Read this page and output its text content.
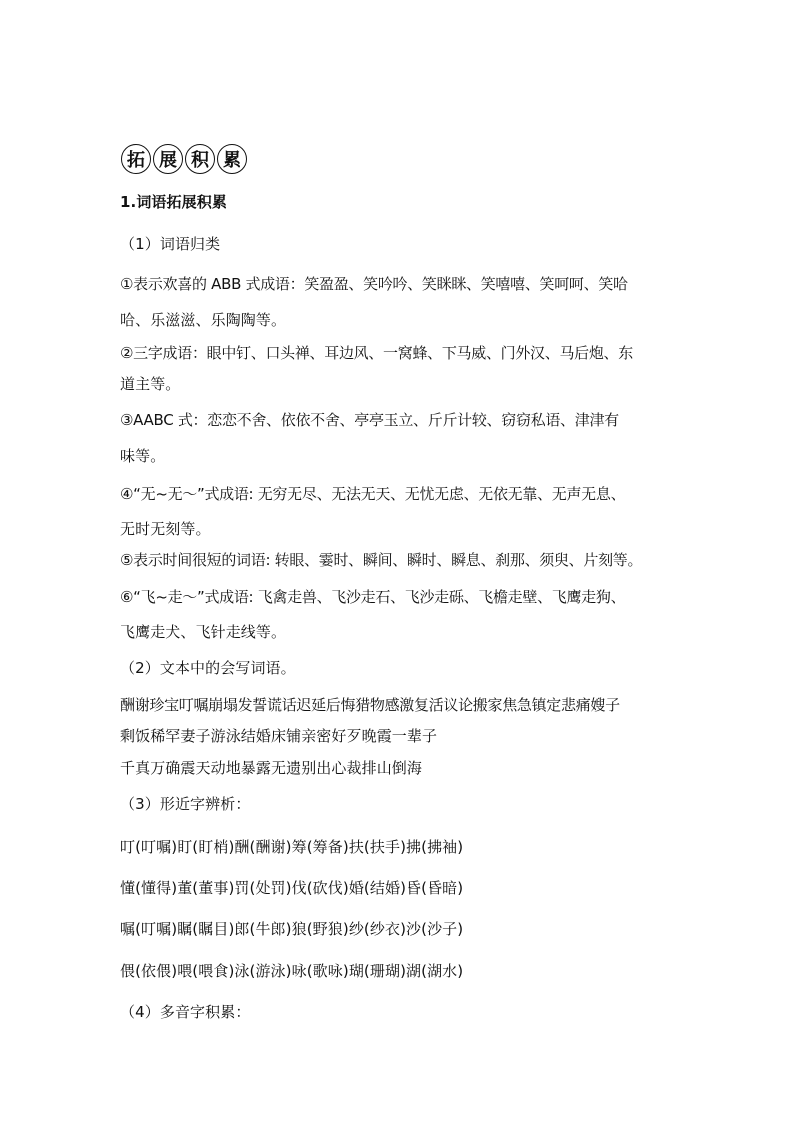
拓 展 积 累
1.词语拓展积累
（1）词语归类
①表示欢喜的 ABB 式成语：笑盈盈、笑吟吟、笑眯眯、笑嘻嘻、笑呵呵、笑哈
哈、乐滋滋、乐陶陶等。
②三字成语：眼中钉、口头禅、耳边风、一窝蜂、下马威、门外汉、马后炮、东
道主等。
③AABC 式：恋恋不舍、依依不舍、亭亭玉立、斤斤计较、窃窃私语、津津有
味等。
④“无~无～”式成语: 无穷无尽、无法无天、无忧无虑、无依无靠、无声无息、
无时无刻等。
⑤表示时间很短的词语: 转眼、霎时、瞬间、瞬时、瞬息、刹那、须臾、片刻等。
⑥“飞~走～”式成语: 飞禽走兽、飞沙走石、飞沙走砾、飞檐走壁、飞鹰走狗、
飞鹰走犬、飞针走线等。
（2）文本中的会写词语。
酬谢珍宝叮嘱崩塌发誓谎话迟延后悔猎物感激复活议论搬家焦急镇定悲痛嫂子
剩饭稀罕妻子游泳结婚床铺亲密好歹晚霞一辈子
千真万确震天动地暴露无遗别出心裁排山倒海
（3）形近字辨析：
叮(叮嘱)盯(盯梢)酬(酬谢)筹(筹备)扶(扶手)拂(拂袖)
懂(懂得)董(董事)罚(处罚)伐(砍伐)婚(结婚)昏(昏暗)
嘱(叮嘱)瞩(瞩目)郎(牛郎)狼(野狼)纱(纱衣)沙(沙子)
偎(依偎)喂(喂食)泳(游泳)咏(歌咏)瑚(珊瑚)湖(湖水)
（4）多音字积累：
